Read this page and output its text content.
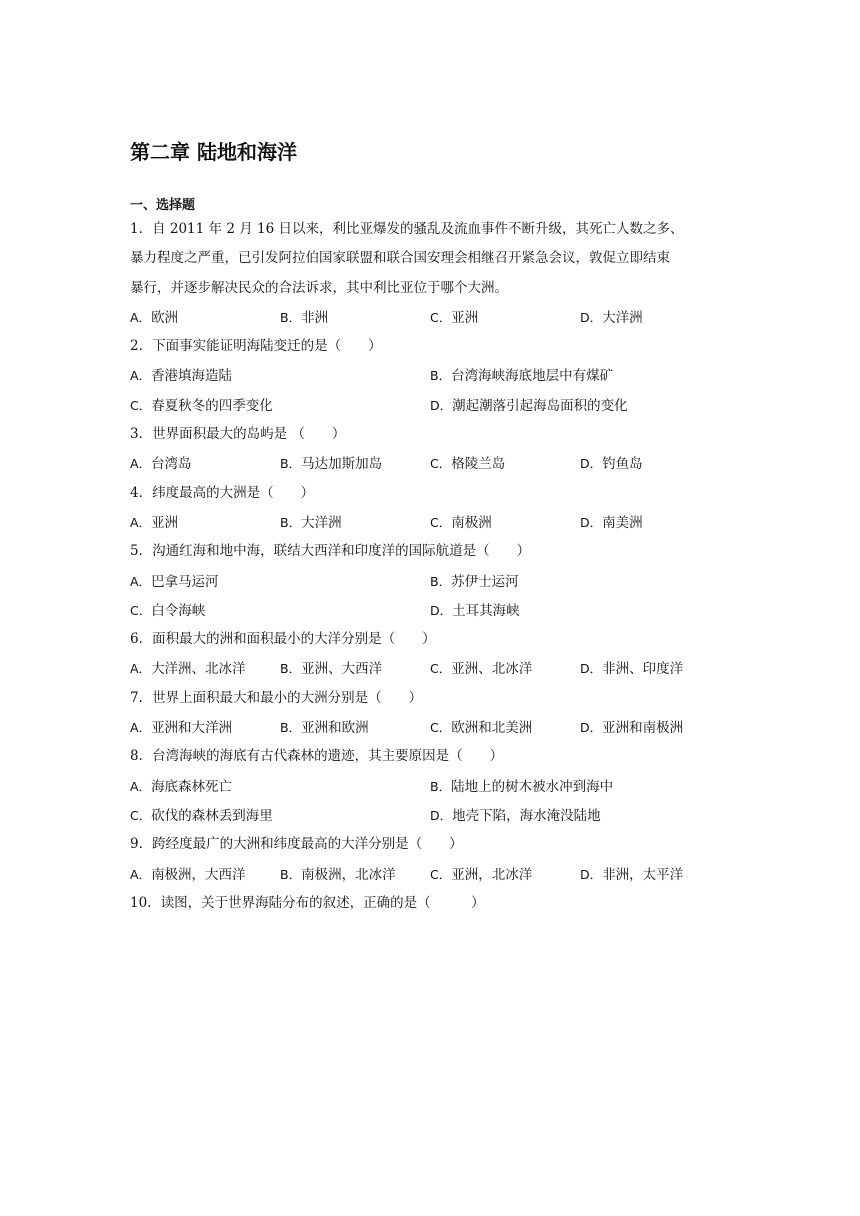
第二章 陆地和海洋
一、选择题
1．自 2011 年 2 月 16 日以来，利比亚爆发的骚乱及流血事件不断升级，其死亡人数之多、
暴力程度之严重，已引发阿拉伯国家联盟和联合国安理会相继召开紧急会议，敦促立即结束
暴行，并逐步解决民众的合法诉求，其中利比亚位于哪个大洲。
A．欧洲	B．非洲	C．亚洲	D．大洋洲
2．下面事实能证明海陆变迁的是（　　）
A．香港填海造陆	B．台湾海峡海底地层中有煤矿
C．春夏秋冬的四季变化	D．潮起潮落引起海岛面积的变化
3．世界面积最大的岛屿是 （　　）
A．台湾岛	B．马达加斯加岛	C．格陵兰岛	D．钓鱼岛
4．纬度最高的大洲是（　　）
A．亚洲	B．大洋洲	C．南极洲	D．南美洲
5．沟通红海和地中海，联结大西洋和印度洋的国际航道是（　　）
A．巴拿马运河	B．苏伊士运河
C．白令海峡	D．土耳其海峡
6．面积最大的洲和面积最小的大洋分别是（　　）
A．大洋洲、北冰洋	B．亚洲、大西洋	C．亚洲、北冰洋	D．非洲、印度洋
7．世界上面积最大和最小的大洲分别是（　　）
A．亚洲和大洋洲	B．亚洲和欧洲	C．欧洲和北美洲	D．亚洲和南极洲
8．台湾海峡的海底有古代森林的遗迹，其主要原因是（　　）
A．海底森林死亡	B．陆地上的树木被水冲到海中
C．砍伐的森林丢到海里	D．地壳下陷，海水淹没陆地
9．跨经度最广的大洲和纬度最高的大洋分别是（　　）
A．南极洲，大西洋	B．南极洲，北冰洋	C．亚洲，北冰洋	D．非洲，太平洋
10．读图，关于世界海陆分布的叙述，正确的是（　　　）
